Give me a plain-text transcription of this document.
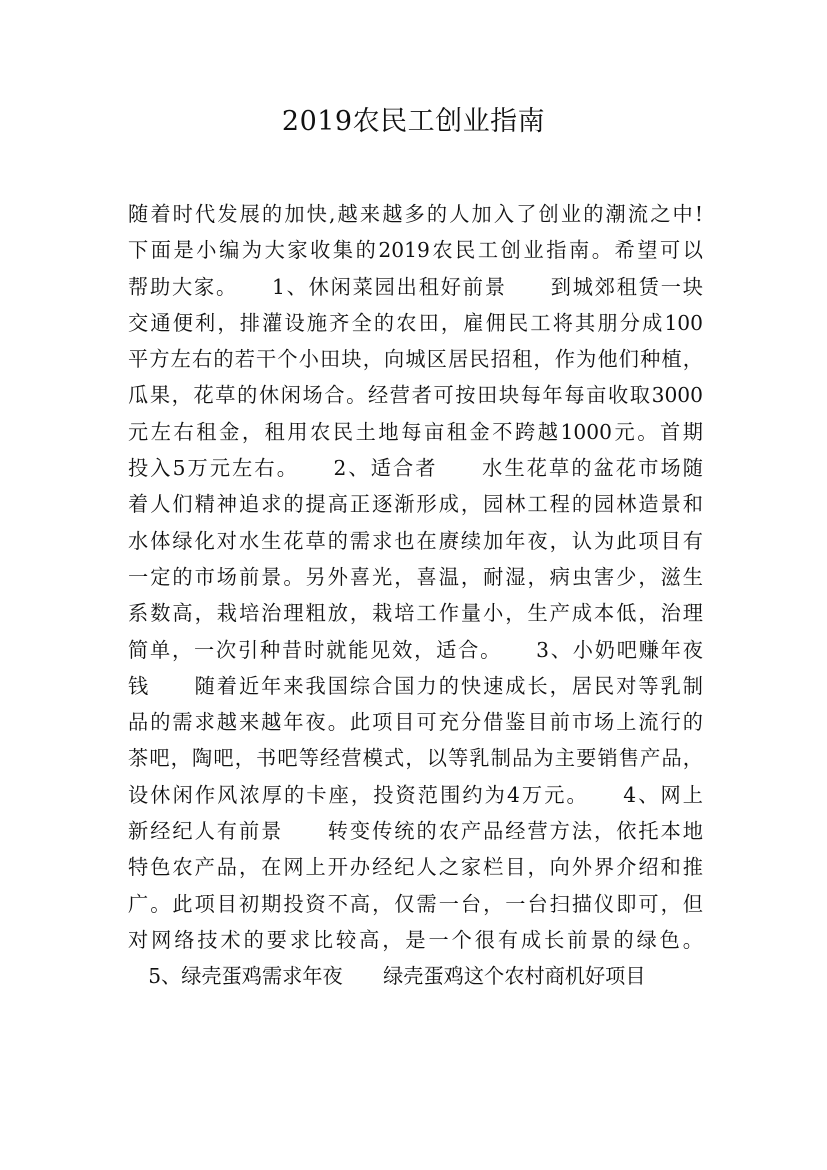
2019农民工创业指南
随着时代发展的加快,越来越多的人加入了创业的潮流之中!
下面是小编为大家收集的2019农民工创业指南。希望可以
帮助大家。　　1、休闲菜园出租好前景　　到城郊租赁一块
交通便利，排灌设施齐全的农田，雇佣民工将其朋分成100
平方左右的若干个小田块，向城区居民招租，作为他们种植，
瓜果，花草的休闲场合。经营者可按田块每年每亩收取3000
元左右租金，租用农民土地每亩租金不跨越1000元。首期
投入5万元左右。　　2、适合者　　水生花草的盆花市场随
着人们精神追求的提高正逐渐形成，园林工程的园林造景和
水体绿化对水生花草的需求也在赓续加年夜，认为此项目有
一定的市场前景。另外喜光，喜温，耐湿，病虫害少，滋生
系数高，栽培治理粗放，栽培工作量小，生产成本低，治理
简单，一次引种昔时就能见效，适合。　　3、小奶吧赚年夜
钱　　随着近年来我国综合国力的快速成长，居民对等乳制
品的需求越来越年夜。此项目可充分借鉴目前市场上流行的
茶吧，陶吧，书吧等经营模式，以等乳制品为主要销售产品，
设休闲作风浓厚的卡座，投资范围约为4万元。　　4、网上
新经纪人有前景　　转变传统的农产品经营方法，依托本地
特色农产品，在网上开办经纪人之家栏目，向外界介绍和推
广。此项目初期投资不高，仅需一台，一台扫描仪即可，但
对网络技术的要求比较高，是一个很有成长前景的绿色。
　5、绿壳蛋鸡需求年夜　　绿壳蛋鸡这个农村商机好项目
